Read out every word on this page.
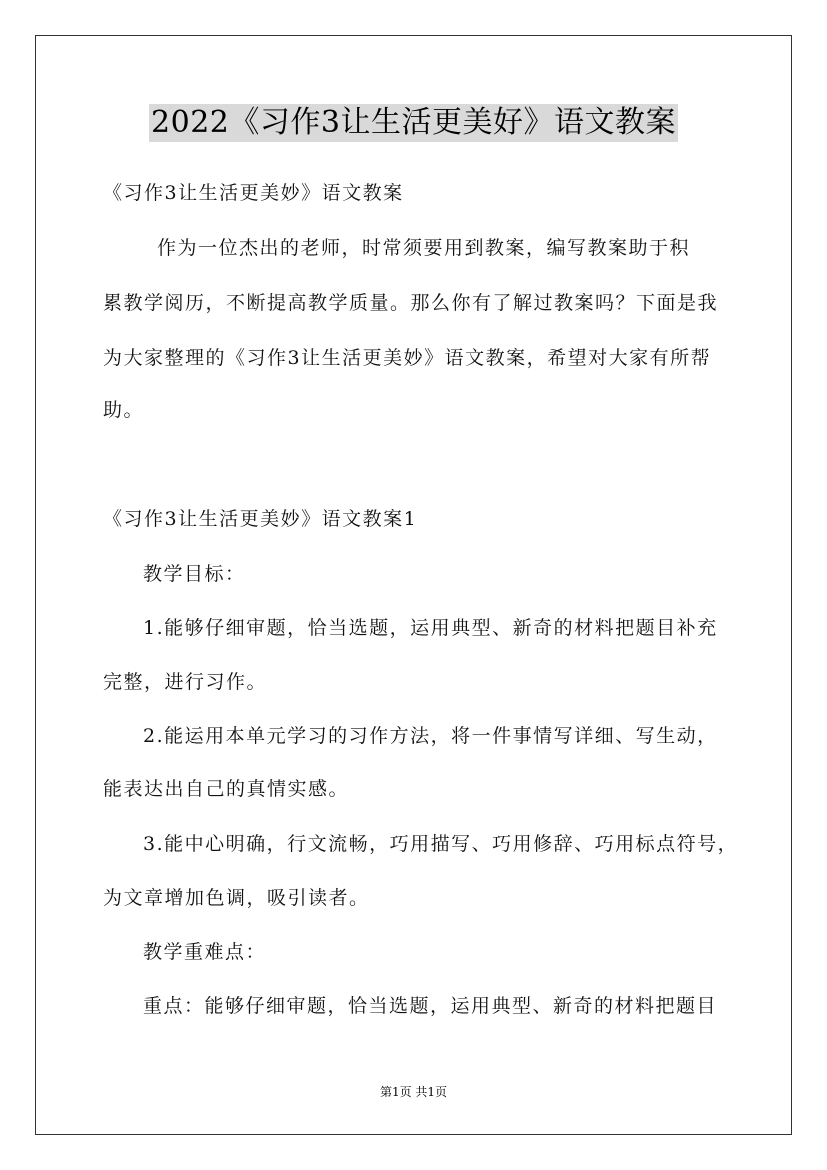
2022《习作3让生活更美好》语文教案
《习作3让生活更美妙》语文教案
作为一位杰出的老师，时常须要用到教案，编写教案助于积
累教学阅历，不断提高教学质量。那么你有了解过教案吗？下面是我
为大家整理的《习作3让生活更美妙》语文教案，希望对大家有所帮
助。
《习作3让生活更美妙》语文教案1
教学目标：
1.能够仔细审题，恰当选题，运用典型、新奇的材料把题目补充
完整，进行习作。
2.能运用本单元学习的习作方法，将一件事情写详细、写生动，
能表达出自己的真情实感。
3.能中心明确，行文流畅，巧用描写、巧用修辞、巧用标点符号，
为文章增加色调，吸引读者。
教学重难点：
重点：能够仔细审题，恰当选题，运用典型、新奇的材料把题目
第1页 共1页
